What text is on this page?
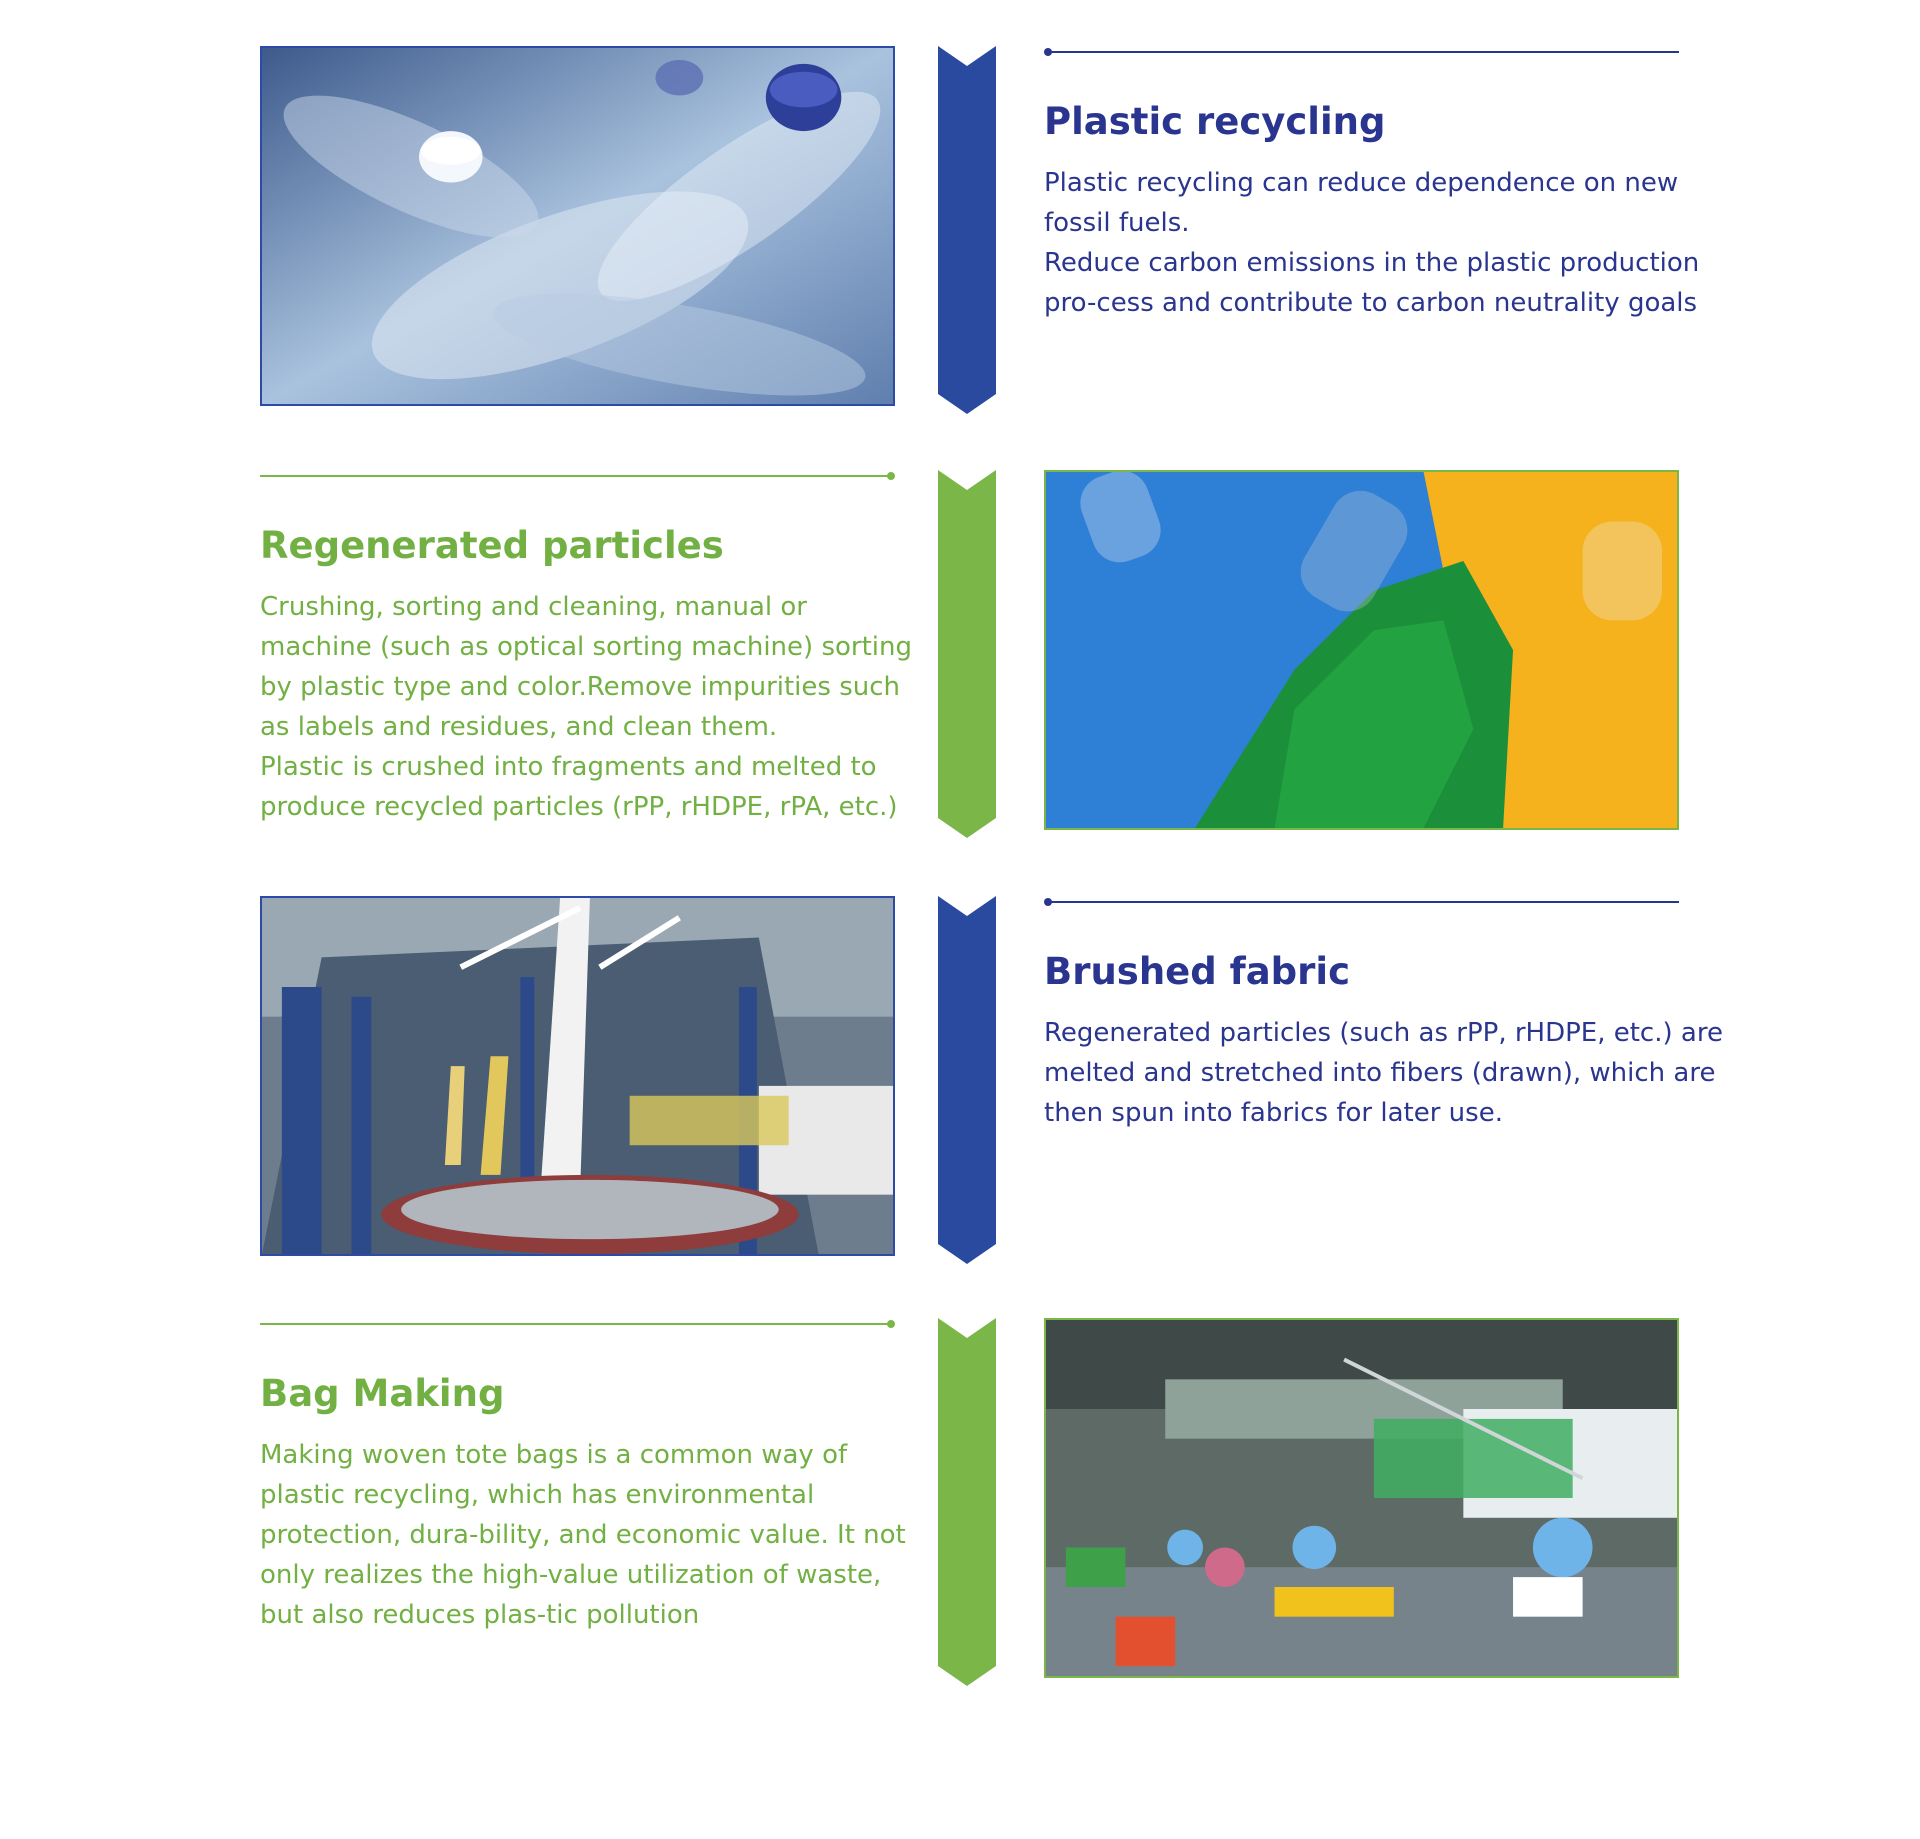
Plastic recycling

Plastic recycling can reduce dependence on new fossil fuels.

Reduce carbon emissions in the plastic production pro-cess and contribute to carbon neutrality goals

Regenerated particles

Crushing, sorting and cleaning, manual or machine (such as optical sorting machine) sorting by plastic type and color.Remove impurities such as labels and residues, and clean them.

Plastic is crushed into fragments and melted to produce recycled particles (rPP, rHDPE, rPA, etc.)

Brushed fabric

Regenerated particles (such as rPP, rHDPE, etc.) are melted and stretched into fibers (drawn), which are then spun into fabrics for later use.

Bag Making

Making woven tote bags is a common way of plastic recycling, which has environmental protection, dura-bility, and economic value. It not only realizes the high-value utilization of waste, but also reduces plas-tic pollution
